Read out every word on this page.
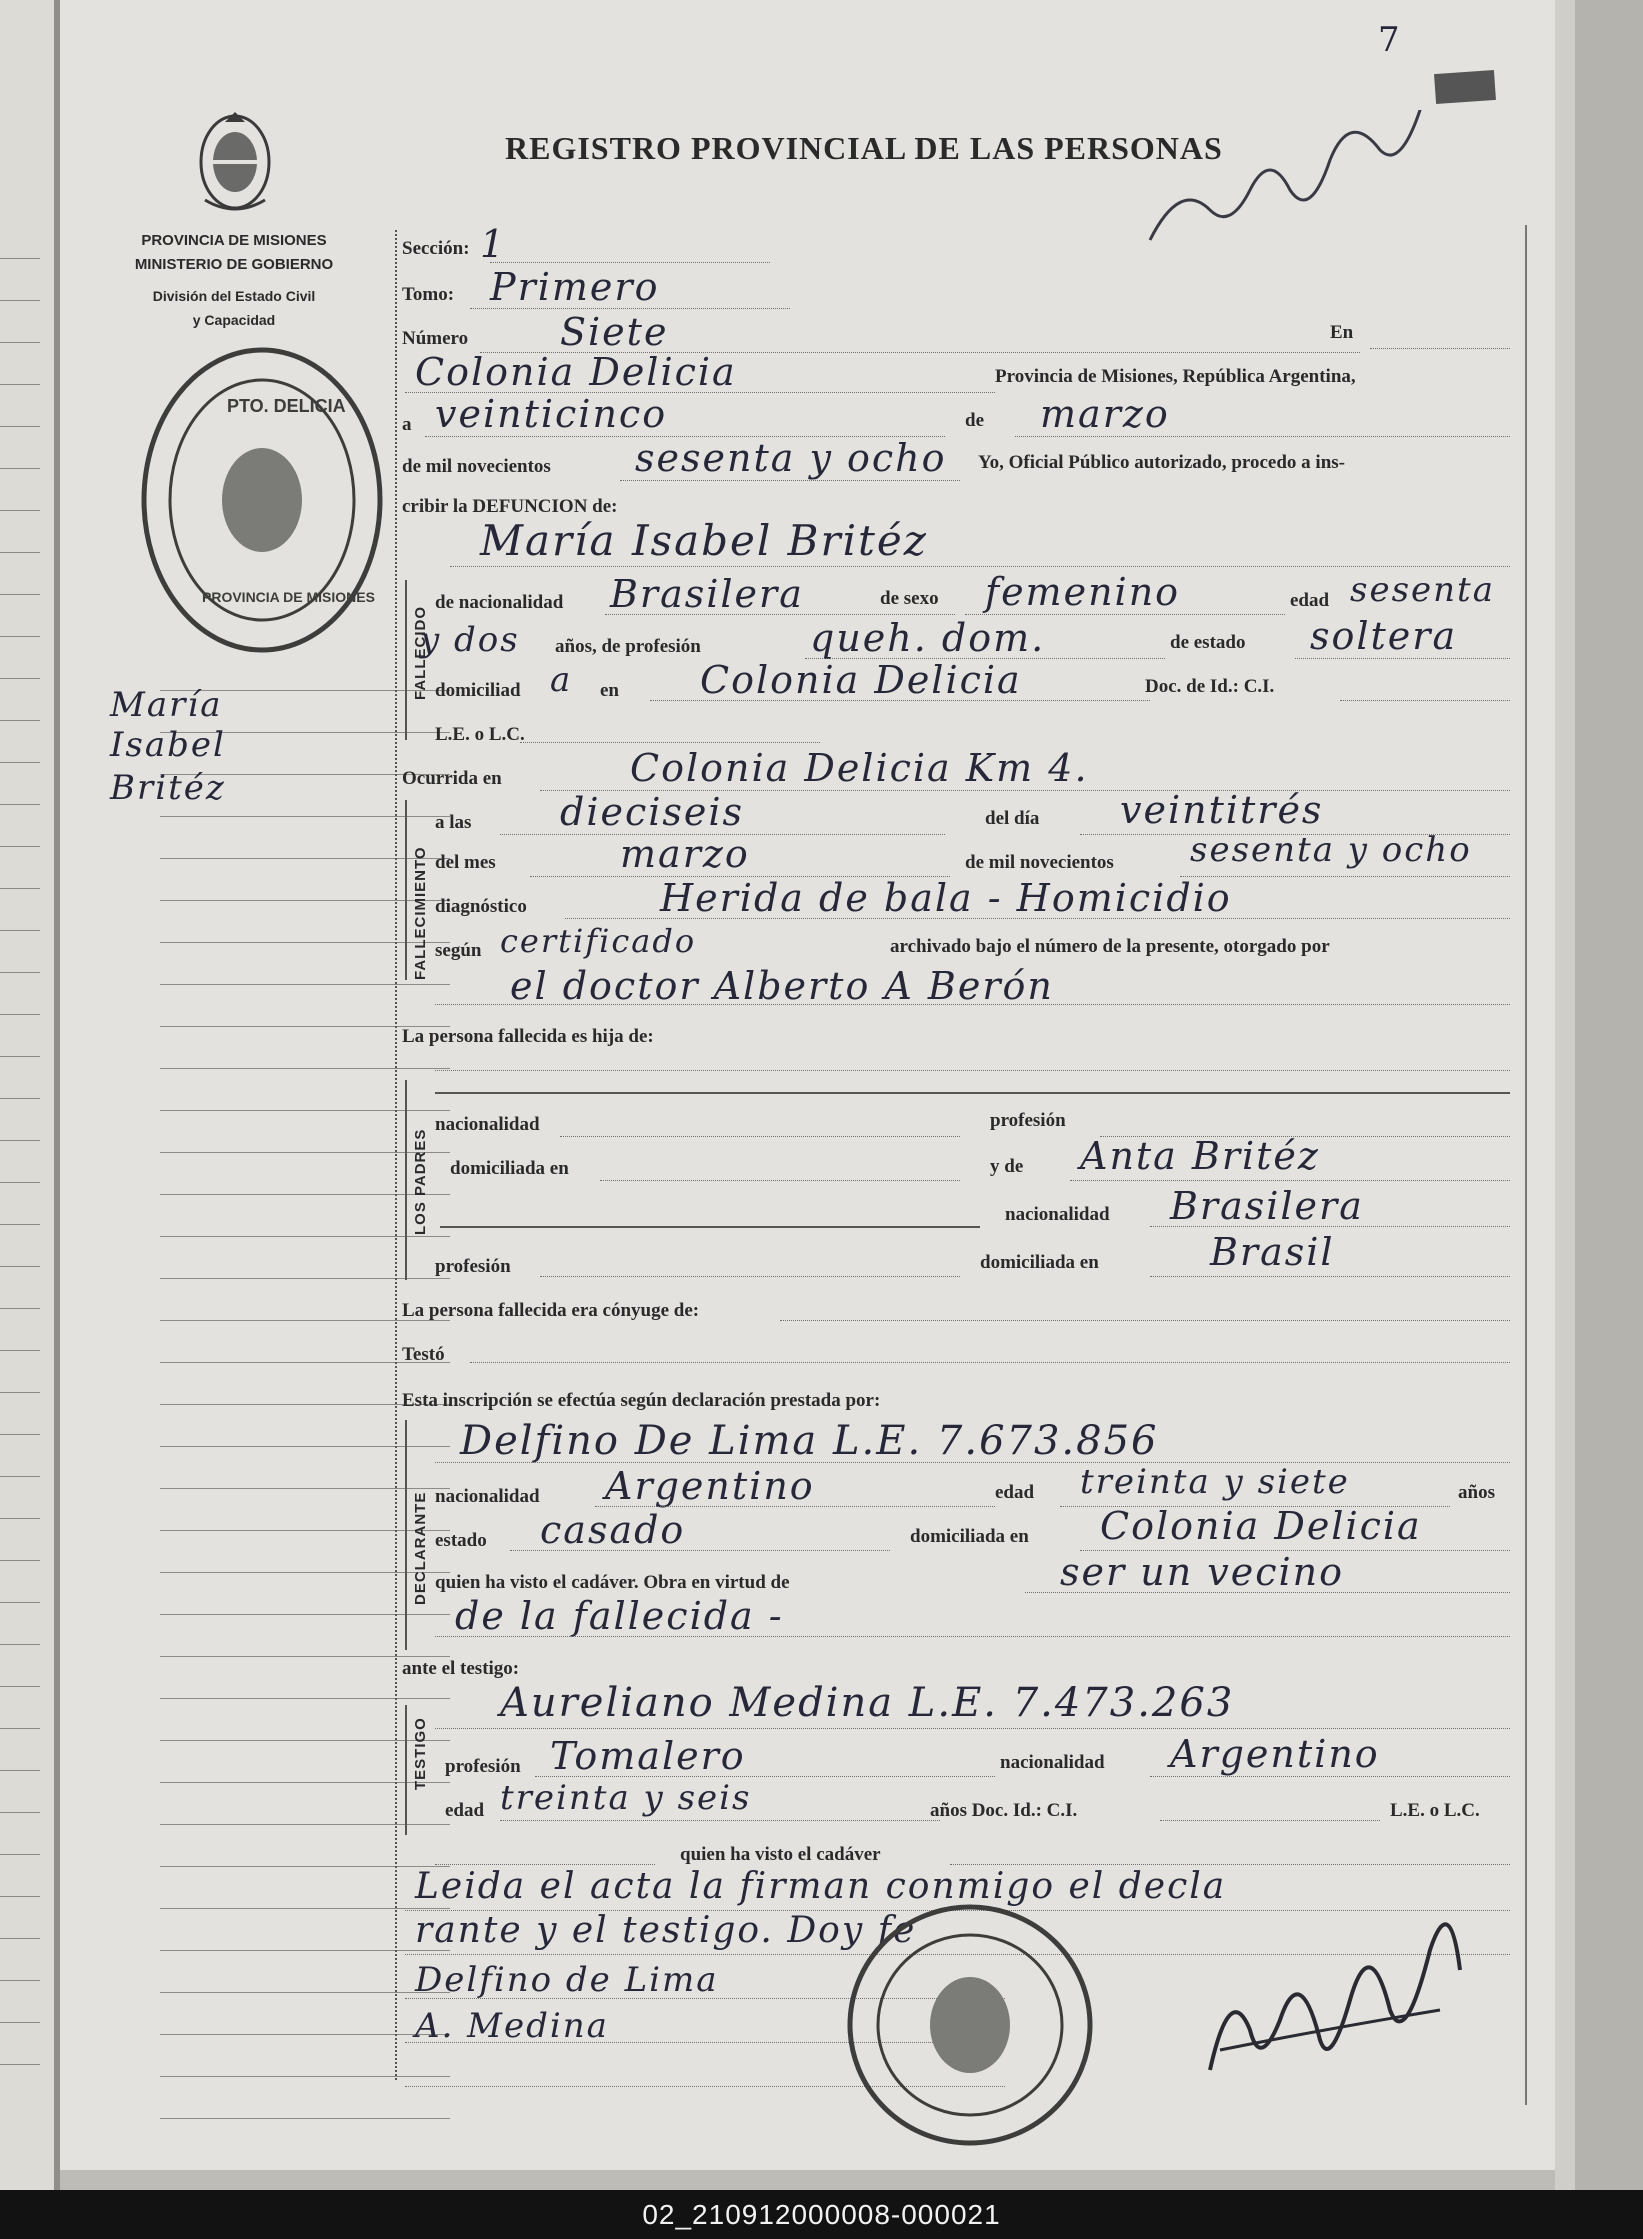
7
REGISTRO PROVINCIAL DE LAS PERSONAS
PROVINCIA DE MISIONES
MINISTERIO DE GOBIERNO
División del Estado Civil
y Capacidad
PTO. DELICIA
PROVINCIA DE MISIONES
María
Isabel
Britéz
FALLECIDO
FALLECIMIENTO
LOS PADRES
DECLARANTE
TESTIGO
Sección: 1
Tomo: Primero
Número Siete	En
Colonia Delicia	Provincia de Misiones, República Argentina,
a veinticinco	de marzo
de mil novecientos sesenta y ocho Yo, Oficial Público autorizado, procedo a ins-
cribir la DEFUNCION de:
María Isabel Britéz
de nacionalidad Brasilera	de sexo femenino	edad sesenta
y dos años, de profesión	queh. dom.	de estado soltera
domiciliad a en Colonia Delicia	Doc. de Id.: C.I.
L.E. o L.C.
Ocurrida en	Colonia Delicia Km 4.
a las dieciseis	del día veintitrés
del mes	marzo	de mil novecientos sesenta y ocho
diagnóstico	Herida de bala - Homicidio
según certificado	archivado bajo el número de la presente, otorgado por
el doctor Alberto A Berón
La persona fallecida es hija de:
nacionalidad	profesión
domiciliada en	y de Anta Britéz
nacionalidad Brasilera
profesión	domiciliada en	Brasil
La persona fallecida era cónyuge de:
Testó
Esta inscripción se efectúa según declaración prestada por:
Delfino De Lima L.E. 7.673.856
nacionalidad Argentino	edad treinta y siete	años
estado casado	domiciliada en Colonia Delicia
quien ha visto el cadáver. Obra en virtud de	ser un vecino
de la fallecida -
ante el testigo:
Aureliano Medina L.E. 7.473.263
profesión Tomalero	nacionalidad Argentino
edad treinta y seis	años Doc. Id.: C.I.	L.E. o L.C.
quien ha visto el cadáver
Leida el acta la firman conmigo el decla
rante y el testigo. Doy fe
Delfino de Lima
A. Medina
02_210912000008-000021
